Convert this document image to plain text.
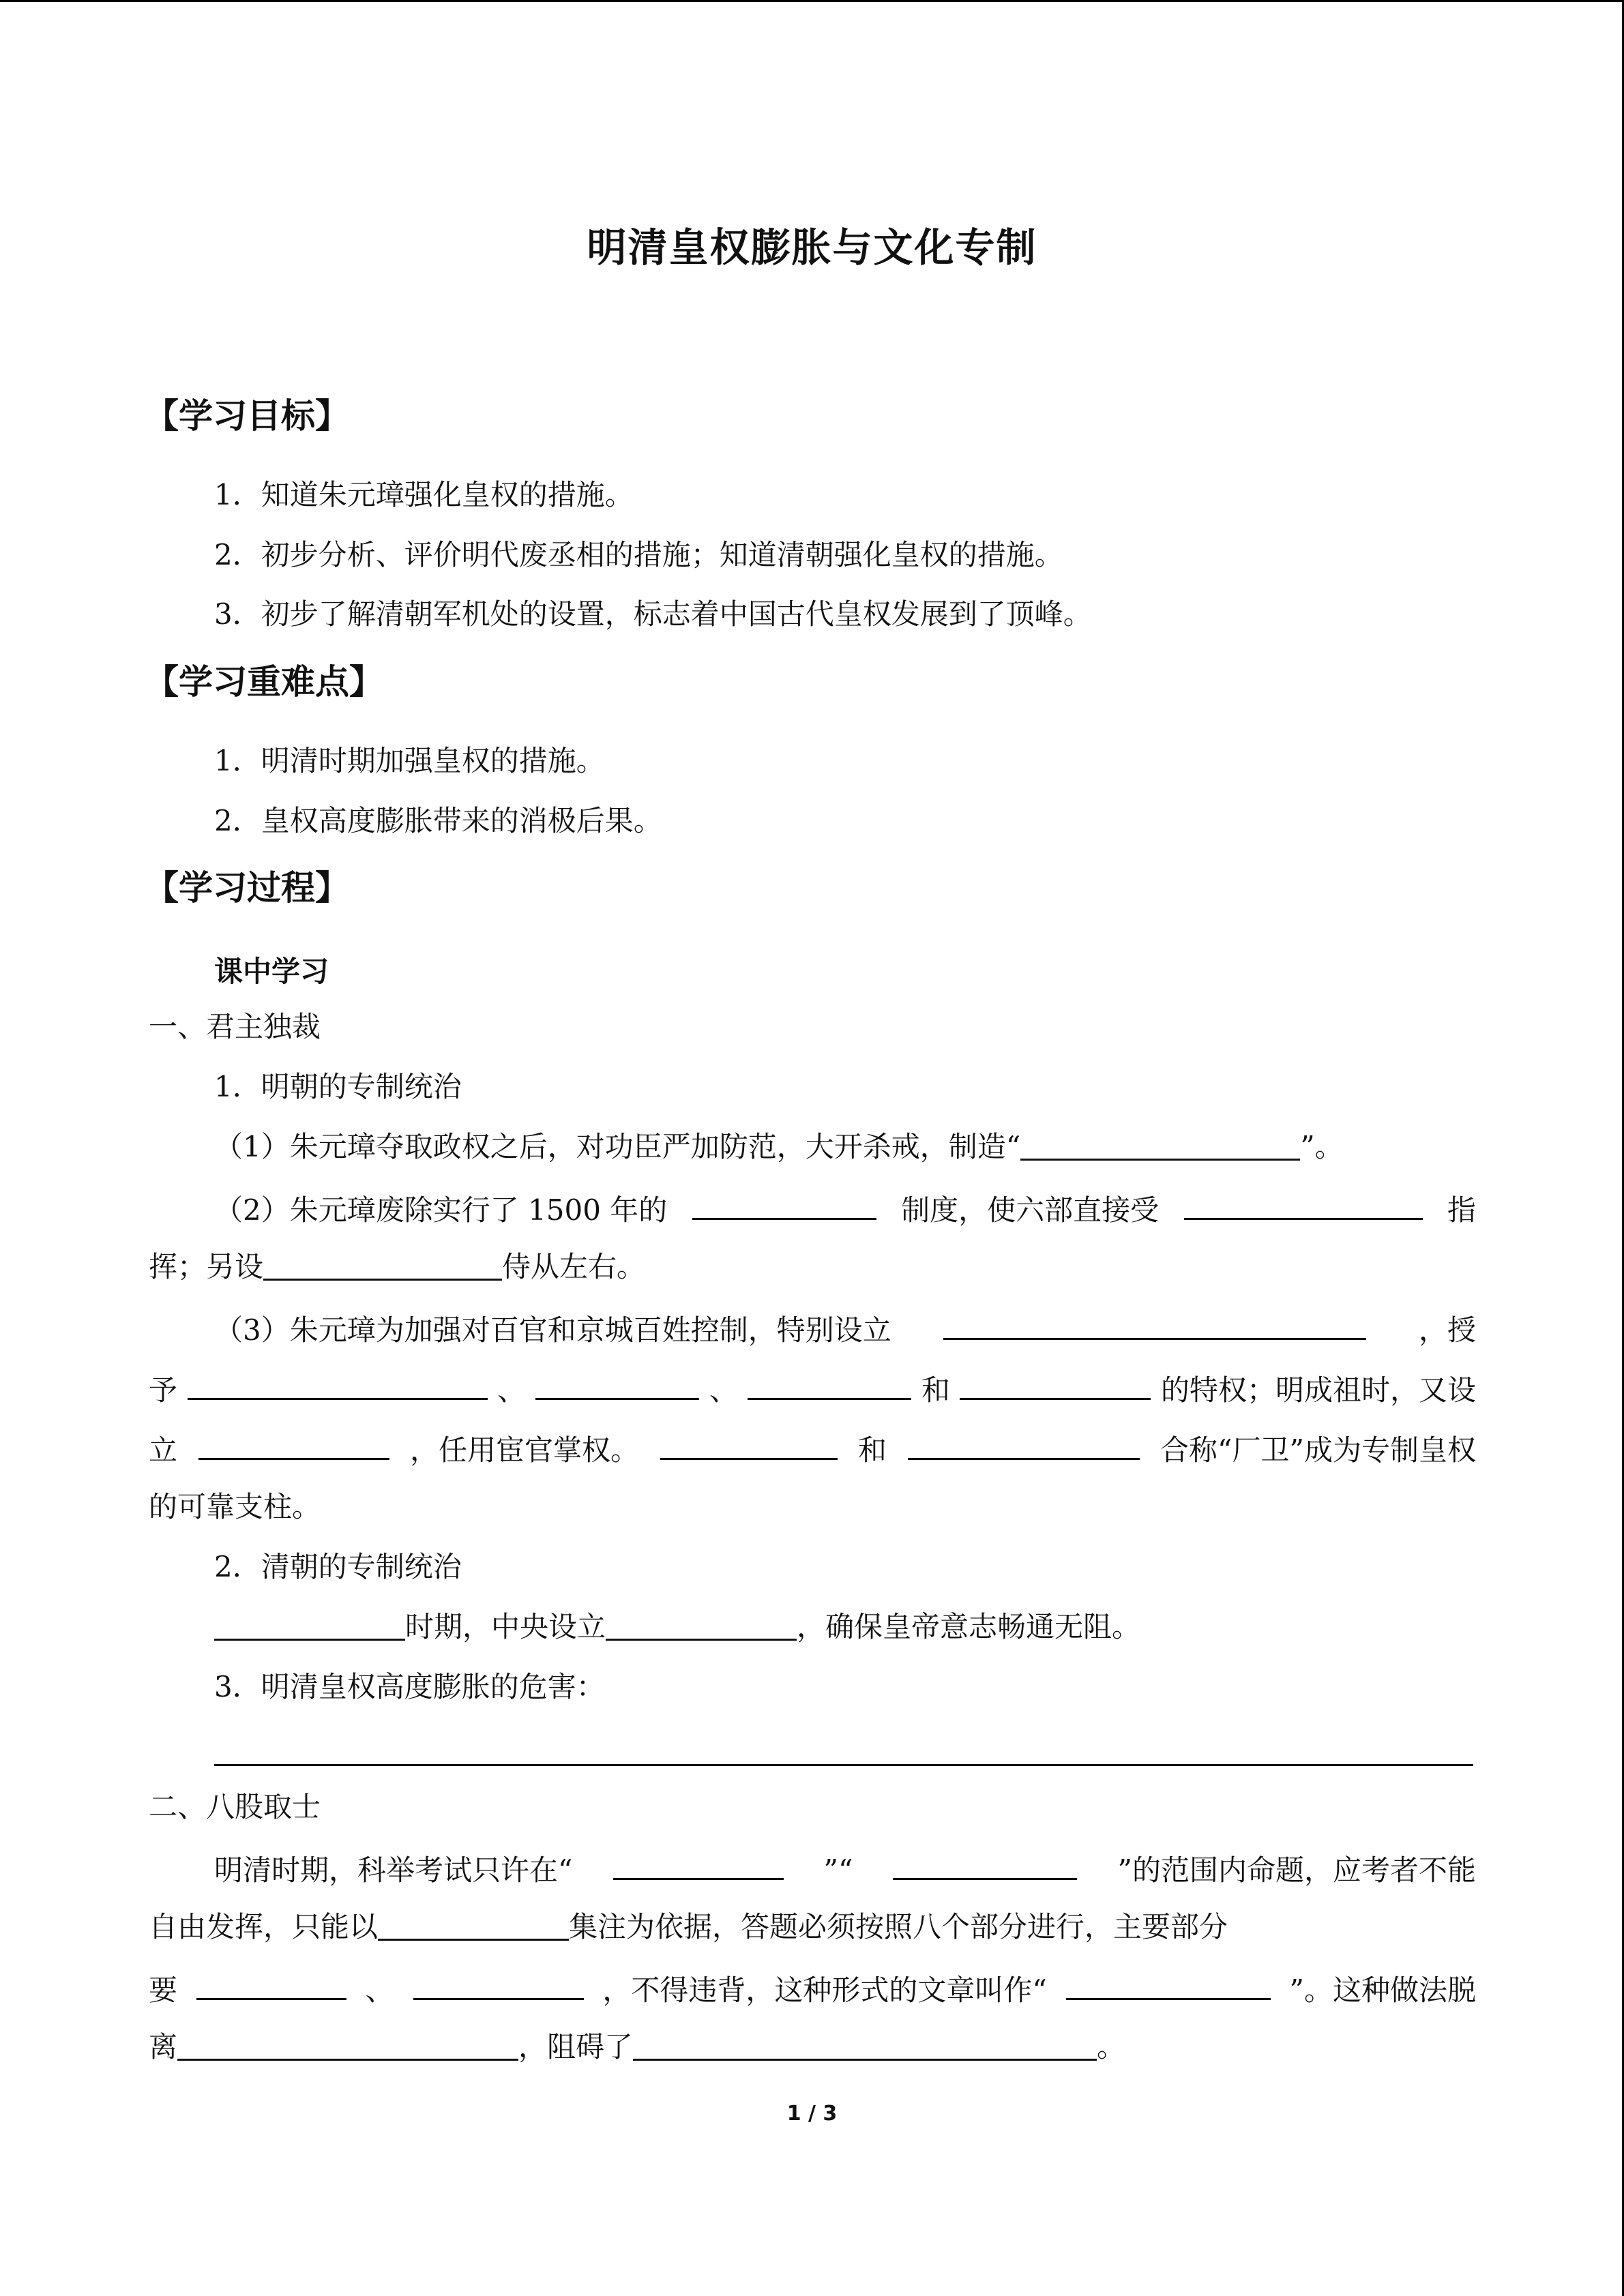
明清皇权膨胀与文化专制
【学习目标】
1．知道朱元璋强化皇权的措施。
2．初步分析、评价明代废丞相的措施；知道清朝强化皇权的措施。
3．初步了解清朝军机处的设置，标志着中国古代皇权发展到了顶峰。
【学习重难点】
1．明清时期加强皇权的措施。
2．皇权高度膨胀带来的消极后果。
【学习过程】
课中学习
一、君主独裁
1．明朝的专制统治
（1）朱元璋夺取政权之后，对功臣严加防范，大开杀戒，制造“	”。
（2）朱元璋废除实行了 1500 年的	制度，使六部直接受	指
挥；另设	侍从左右。
（3）朱元璋为加强对百官和京城百姓控制，特别设立	，授
予	、	、	和	的特权；明成祖时，又设
立	，任用宦官掌权。	和	合称“厂卫”成为专制皇权
的可靠支柱。
2．清朝的专制统治
时期，中央设立	，确保皇帝意志畅通无阻。
3．明清皇权高度膨胀的危害：
二、八股取士
明清时期，科举考试只许在“	”“	”的范围内命题，应考者不能
自由发挥，只能以	集注为依据，答题必须按照八个部分进行，主要部分
要	、	，不得违背，这种形式的文章叫作“	”。这种做法脱
离	，阻碍了	。
1 / 3
